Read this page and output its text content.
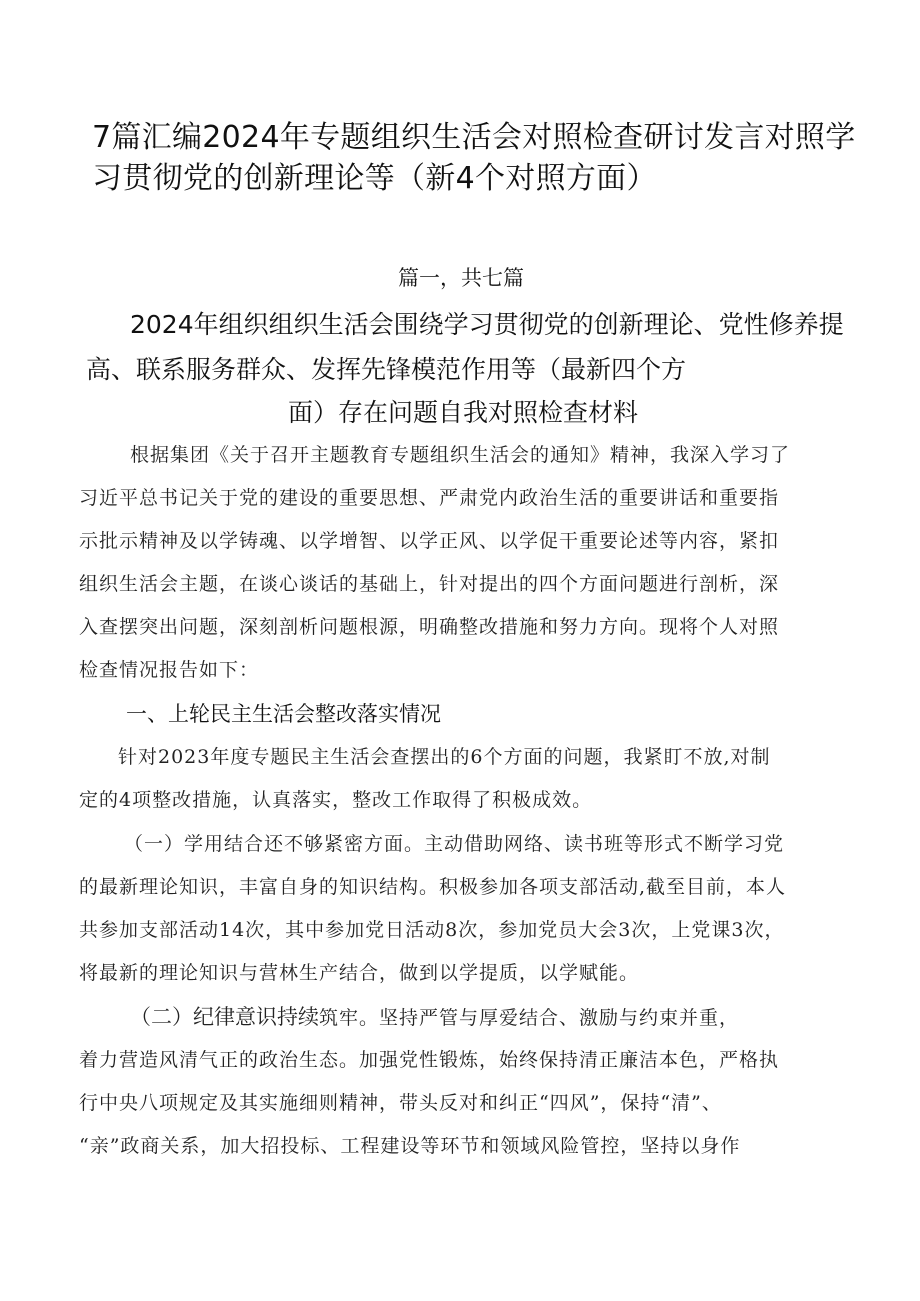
7篇汇编2024年专题组织生活会对照检查研讨发言对照学

习贯彻党的创新理论等（新4个对照方面）

篇一，共七篇

2024年组织组织生活会围绕学习贯彻党的创新理论、党性修养提

高、联系服务群众、发挥先锋模范作用等（最新四个方

面）存在问题自我对照检查材料

根据集团《关于召开主题教育专题组织生活会的通知》精神，我深入学习了

习近平总书记关于党的建设的重要思想、严肃党内政治生活的重要讲话和重要指

示批示精神及以学铸魂、以学增智、以学正风、以学促干重要论述等内容，紧扣

组织生活会主题，在谈心谈话的基础上，针对提出的四个方面问题进行剖析，深

入查摆突出问题，深刻剖析问题根源，明确整改措施和努力方向。现将个人对照

检查情况报告如下：

一、上轮民主生活会整改落实情况

针对2023年度专题民主生活会查摆出的6个方面的问题，我紧盯不放,对制

定的4项整改措施，认真落实，整改工作取得了积极成效。

（一）学用结合还不够紧密方面。主动借助网络、读书班等形式不断学习党

的最新理论知识，丰富自身的知识结构。积极参加各项支部活动,截至目前，本人

共参加支部活动14次，其中参加党日活动8次，参加党员大会3次，上党课3次，

将最新的理论知识与营林生产结合，做到以学提质，以学赋能。

（二）纪律意识持续筑牢。坚持严管与厚爱结合、激励与约束并重，

着力营造风清气正的政治生态。加强党性锻炼，始终保持清正廉洁本色，严格执

行中央八项规定及其实施细则精神，带头反对和纠正“四风”，保持“清”、

“亲”政商关系，加大招投标、工程建设等环节和领域风险管控，坚持以身作
